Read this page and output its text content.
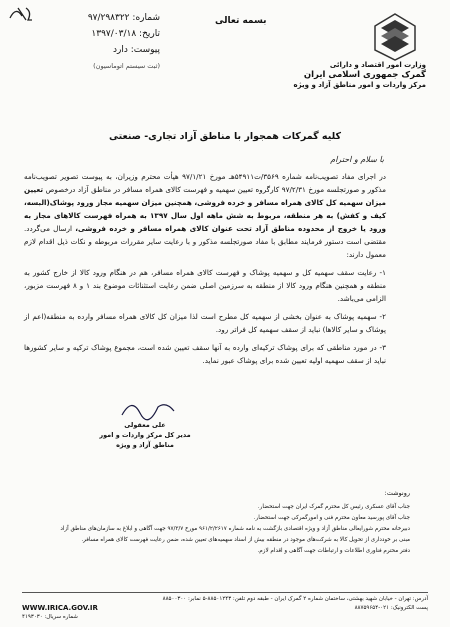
شماره: ۹۷/۲۹۸۳۲۲
تاریخ: ۱۳۹۷/۰۳/۱۸
پیوست: دارد
(ثبت سیستم اتوماسیون)
بسمه تعالی
وزارت امور اقتصاد و دارائی
گمرک جمهوری اسلامی ایران
مرکز واردات و امور مناطق آزاد و ویژه
کلیه گمرکات همجوار با مناطق آزاد تجاری- صنعتی
با سلام و احترام

در اجرای مفاد تصویب‌نامه شماره ۳۵۶۹/ت۵۴۹۱۱هـ مورخ ۹۷/۱/۲۱ هیأت محترم وزیران، به پیوست تصویر تصویب‌نامه مذکور و صورتجلسه مورخ ۹۷/۲/۳۱ کارگروه تعیین سهمیه و فهرست کالای همراه مسافر در مناطق آزاد درخصوص تعیین میزان سهمیه کل کالای همراه مسافر و خرده فروشی، همچنین میزان سهمیه مجاز ورود پوشاک(البسه، کیف و کفش) به هر منطقه، مربوط به شش ماهه اول سال ۱۳۹۷ به همراه فهرست کالاهای مجاز به ورود یا خروج از محدوده مناطق آزاد تحت عنوان کالای همراه مسافر و خرده فروشی، ارسال می‌گردد. مقتضی است دستور فرمایند مطابق با مفاد صورتجلسه مذکور و با رعایت سایر مقررات مربوطه و نکات ذیل اقدام لازم معمول دارند:

۱- رعایت سقف سهمیه کل و سهمیه پوشاک و فهرست کالای همراه مسافر، هم در هنگام ورود کالا از خارج کشور به منطقه و همچنین هنگام ورود کالا از منطقه به سرزمین اصلی ضمن رعایت استثنائات موضوع بند ۱ و ۸ فهرست مزبور، الزامی می‌باشد.

۲- سهمیه پوشاک به عنوان بخشی از سهمیه کل مطرح است لذا میزان کل کالای همراه مسافر وارده به منطقه(اعم از پوشاک و سایر کالاها) نباید از سقف سهمیه کل فراتر رود.

۳- در مورد مناطقی که برای پوشاک ترکیه‌ای وارده به آنها سقف تعیین شده است، مجموع پوشاک ترکیه و سایر کشورها نباید از سقف سهمیه اولیه تعیین شده برای پوشاک عبور نماید.

علی معقولی
مدیر کل مرکز واردات و امور مناطق آزاد و ویژه
رونوشت:
جناب آقای عسکری رئیس کل محترم گمرک ایران جهت استحضار.
جناب آقای پورسید معاون محترم فنی و امورگمرکی جهت استحضار.
دبیرخانه محترم شورایعالی مناطق آزاد و ویژه اقتصادی بازگشت به نامه شماره ۹۶۱/۲/۲۶۱۷ مورخ ۹۷/۳/۷ جهت آگاهی و ابلاغ به سازمان‌های مناطق آزاد
مبنی بر خودداری از تحویل کالا به شرکت‌های موجود در منطقه بیش از اسناد سهمیه‌های تعیین شده، ضمن رعایت فهرست کالای همراه مسافر.
دفتر محترم فناوری اطلاعات و ارتباطات جهت آگاهی و اقدام لازم.
آدرس: تهران - خیابان شهید بهشتی، ساختمان شماره ۲ گمرک ایران - طبقه دوم تلفن: ۸۸۵۰۱۲۴۳-۵ نمابر: ۸۸۵۰۰۳۰۰
پست الکترونیک: ۰۲۱-۸۸۷۵۹۶۵۴
WWW.IRICA.GOV.IR
شماره سریال: ۴۱۹۳۰۳۰
